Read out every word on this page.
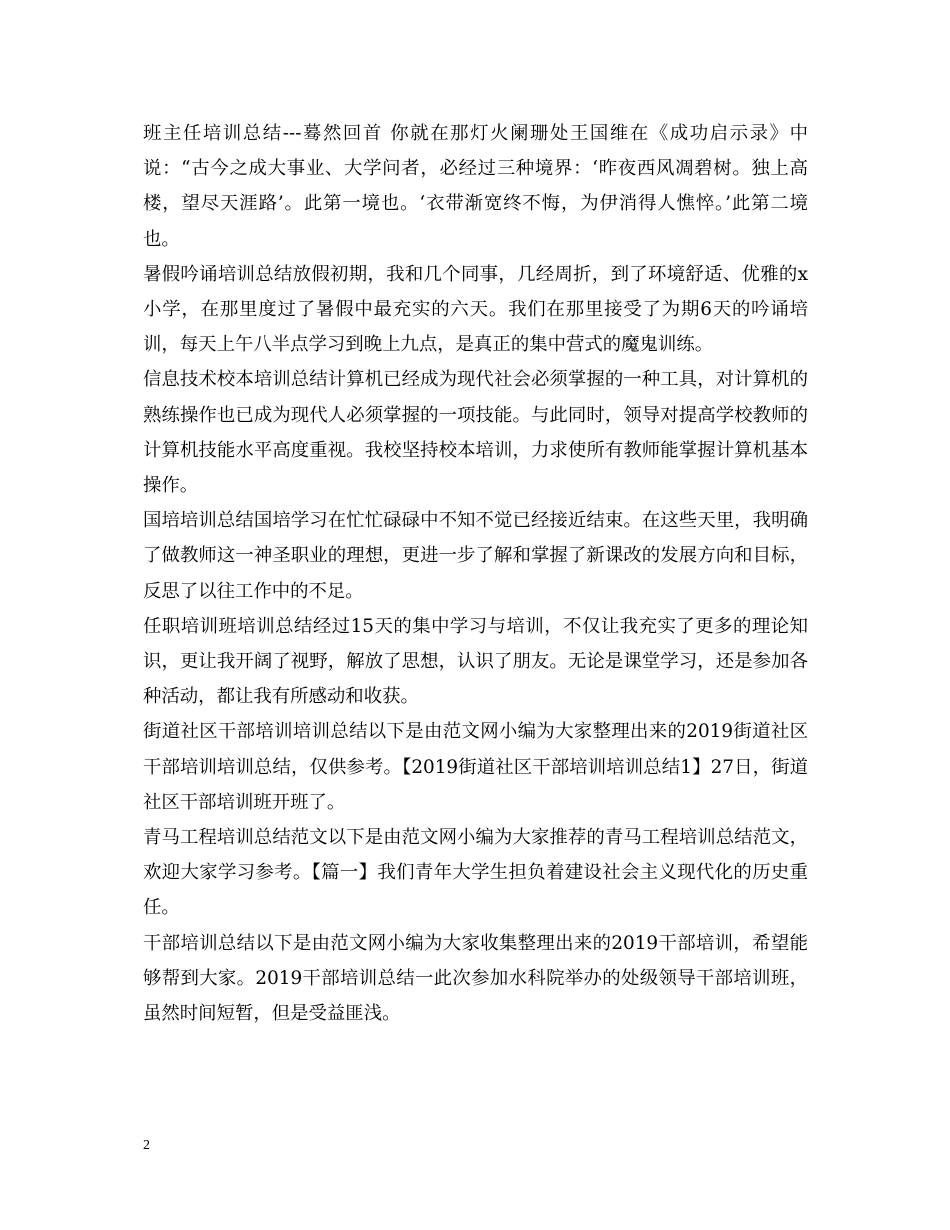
班主任培训总结---蓦然回首 你就在那灯火阑珊处王国维在《成功启示录》中说：“古今之成大事业、大学问者，必经过三种境界：‘昨夜西风凋碧树。独上高楼，望尽天涯路’。此第一境也。‘衣带渐宽终不悔，为伊消得人憔悴。’此第二境也。

暑假吟诵培训总结放假初期，我和几个同事，几经周折，到了环境舒适、优雅的x小学，在那里度过了暑假中最充实的六天。我们在那里接受了为期6天的吟诵培训，每天上午八半点学习到晚上九点，是真正的集中营式的魔鬼训练。

信息技术校本培训总结计算机已经成为现代社会必须掌握的一种工具，对计算机的熟练操作也已成为现代人必须掌握的一项技能。与此同时，领导对提高学校教师的计算机技能水平高度重视。我校坚持校本培训，力求使所有教师能掌握计算机基本操作。

国培培训总结国培学习在忙忙碌碌中不知不觉已经接近结束。在这些天里，我明确了做教师这一神圣职业的理想，更进一步了解和掌握了新课改的发展方向和目标，反思了以往工作中的不足。

任职培训班培训总结经过15天的集中学习与培训，不仅让我充实了更多的理论知识，更让我开阔了视野，解放了思想，认识了朋友。无论是课堂学习，还是参加各种活动，都让我有所感动和收获。

街道社区干部培训培训总结以下是由范文网小编为大家整理出来的2019街道社区干部培训培训总结，仅供参考。【2019街道社区干部培训培训总结1】27日，街道社区干部培训班开班了。

青马工程培训总结范文以下是由范文网小编为大家推荐的青马工程培训总结范文，欢迎大家学习参考。【篇一】我们青年大学生担负着建设社会主义现代化的历史重任。

干部培训总结以下是由范文网小编为大家收集整理出来的2019干部培训，希望能够帮到大家。2019干部培训总结一此次参加水科院举办的处级领导干部培训班，虽然时间短暂，但是受益匪浅。

2
